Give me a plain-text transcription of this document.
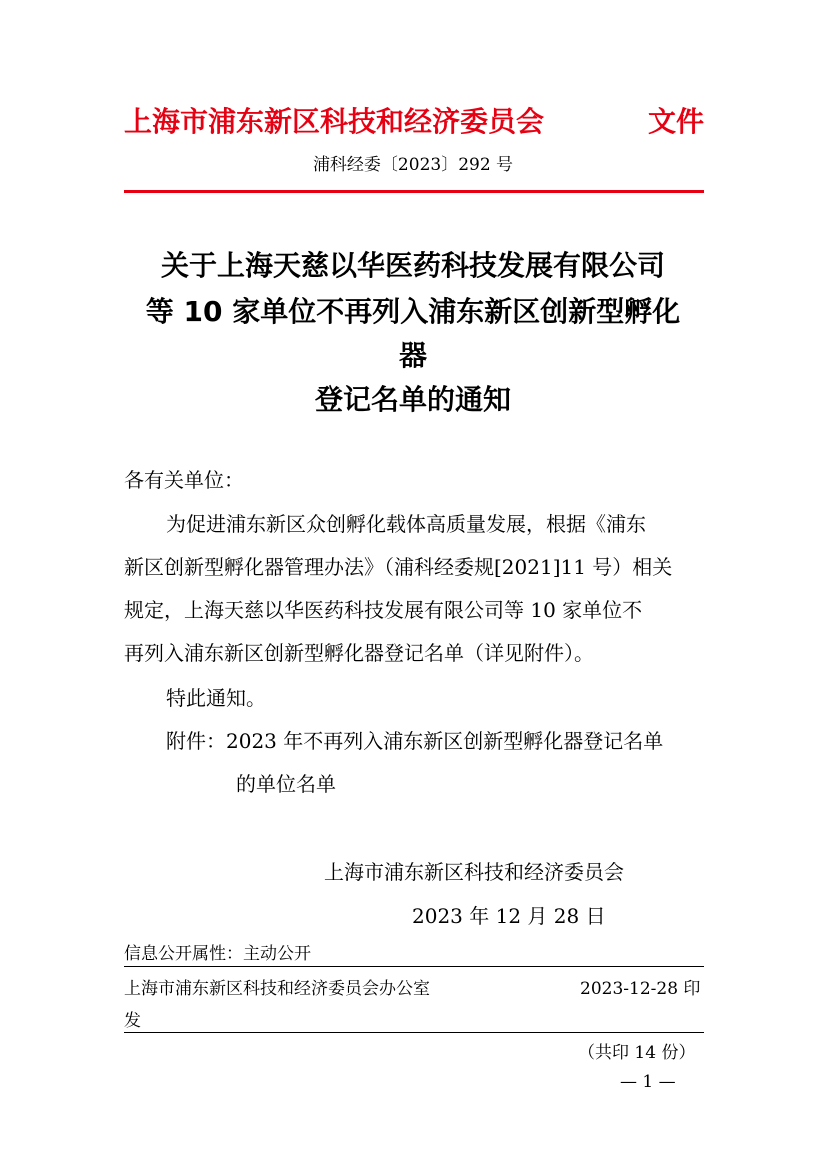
上海市浦东新区科技和经济委员会	文件
浦科经委〔2023〕292 号
关于上海天慈以华医药科技发展有限公司
等 10 家单位不再列入浦东新区创新型孵化
器
登记名单的通知
各有关单位：
为促进浦东新区众创孵化载体高质量发展，根据《浦东
新区创新型孵化器管理办法》（浦科经委规[2021]11 号）相关
规定，上海天慈以华医药科技发展有限公司等 10 家单位不
再列入浦东新区创新型孵化器登记名单（详见附件）。
特此通知。
附件：2023 年不再列入浦东新区创新型孵化器登记名单
的单位名单
上海市浦东新区科技和经济委员会
2023 年 12 月 28 日
信息公开属性：主动公开
上海市浦东新区科技和经济委员会办公室	2023-12-28 印
发
（共印 14 份）
— 1 —
